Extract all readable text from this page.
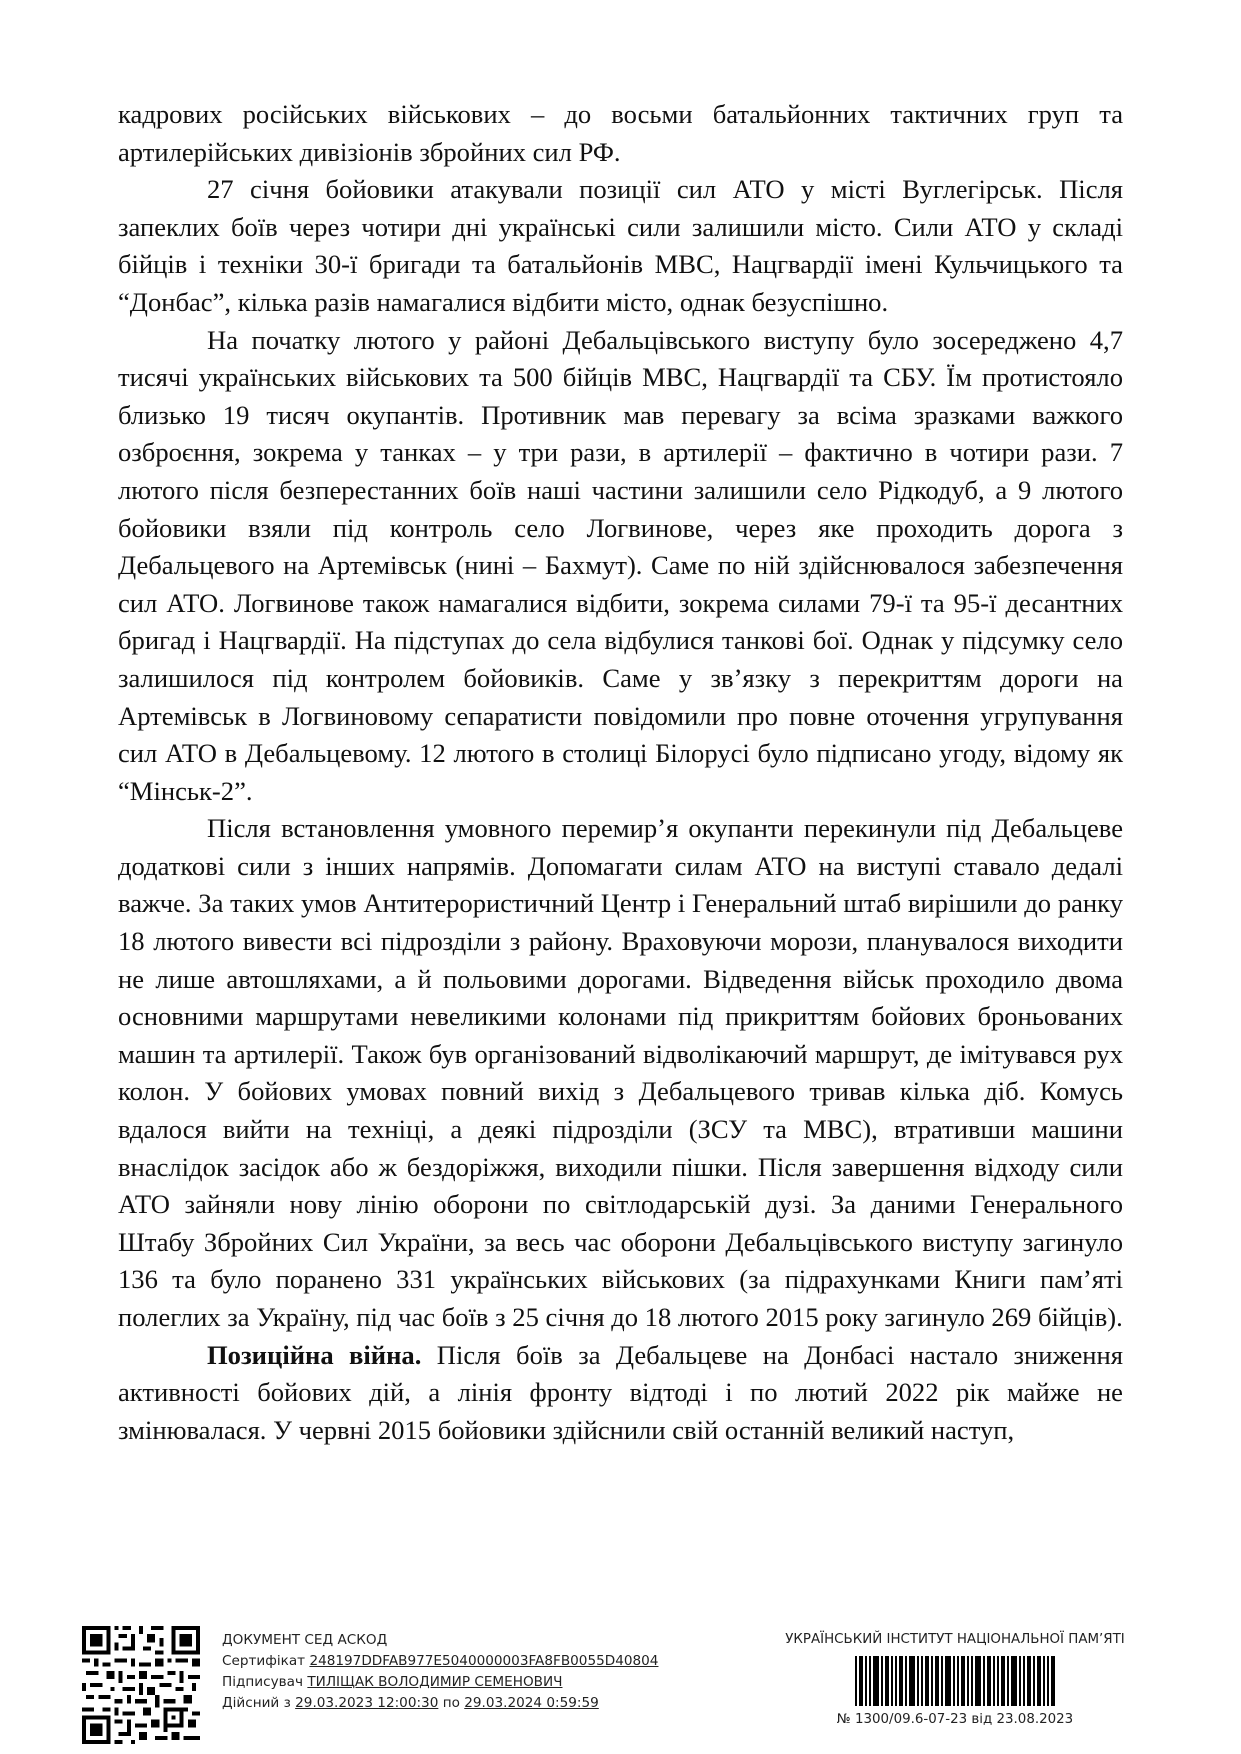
кадрових російських військових – до восьми батальйонних тактичних груп та артилерійських дивізіонів збройних сил РФ.

27 січня бойовики атакували позиції сил АТО у місті Вуглегірськ. Після запеклих боїв через чотири дні українські сили залишили місто. Сили АТО у складі бійців і техніки 30-ї бригади та батальйонів МВС, Нацгвардії імені Кульчицького та “Донбас”, кілька разів намагалися відбити місто, однак безуспішно.

На початку лютого у районі Дебальцівського виступу було зосереджено 4,7 тисячі українських військових та 500 бійців МВС, Нацгвардії та СБУ. Їм протистояло близько 19 тисяч окупантів. Противник мав перевагу за всіма зразками важкого озброєння, зокрема у танках – у три рази, в артилерії – фактично в чотири рази. 7 лютого після безперестанних боїв наші частини залишили село Рідкодуб, а 9 лютого бойовики взяли під контроль село Логвинове, через яке проходить дорога з Дебальцевого на Артемівськ (нині – Бахмут). Саме по ній здійснювалося забезпечення сил АТО. Логвинове також намагалися відбити, зокрема силами 79-ї та 95-ї десантних бригад і Нацгвардії. На підступах до села відбулися танкові бої. Однак у підсумку село залишилося під контролем бойовиків. Саме у зв’язку з перекриттям дороги на Артемівськ в Логвиновому сепаратисти повідомили про повне оточення угрупування сил АТО в Дебальцевому. 12 лютого в столиці Білорусі було підписано угоду, відому як “Мінськ-2”.

Після встановлення умовного перемир’я окупанти перекинули під Дебальцеве додаткові сили з інших напрямів. Допомагати силам АТО на виступі ставало дедалі важче. За таких умов Антитерористичний Центр і Генеральний штаб вирішили до ранку 18 лютого вивести всі підрозділи з району. Враховуючи морози, планувалося виходити не лише автошляхами, а й польовими дорогами. Відведення військ проходило двома основними маршрутами невеликими колонами під прикриттям бойових броньованих машин та артилерії. Також був організований відволікаючий маршрут, де імітувався рух колон. У бойових умовах повний вихід з Дебальцевого тривав кілька діб. Комусь вдалося вийти на техніці, а деякі підрозділи (ЗСУ та МВС), втративши машини внаслідок засідок або ж бездоріжжя, виходили пішки. Після завершення відходу сили АТО зайняли нову лінію оборони по світлодарській дузі. За даними Генерального Штабу Збройних Сил України, за весь час оборони Дебальцівського виступу загинуло 136 та було поранено 331 українських військових (за підрахунками Книги пам’яті полеглих за Україну, під час боїв з 25 січня до 18 лютого 2015 року загинуло 269 бійців).

Позиційна війна. Після боїв за Дебальцеве на Донбасі настало зниження активності бойових дій, а лінія фронту відтоді і по лютий 2022 рік майже не змінювалася. У червні 2015 бойовики здійснили свій останній великий наступ,

ДОКУМЕНТ СЕД АСКОД
Сертифікат 248197DDFAB977E5040000003FA8FB0055D40804
Підписувач ТИЛІЩАК ВОЛОДИМИР СЕМЕНОВИЧ
Дійсний з 29.03.2023 12:00:30 по 29.03.2024 0:59:59
УКРАЇНСЬКИЙ ІНСТИТУТ НАЦІОНАЛЬНОЇ ПАМ’ЯТІ
№ 1300/09.6-07-23 від 23.08.2023
